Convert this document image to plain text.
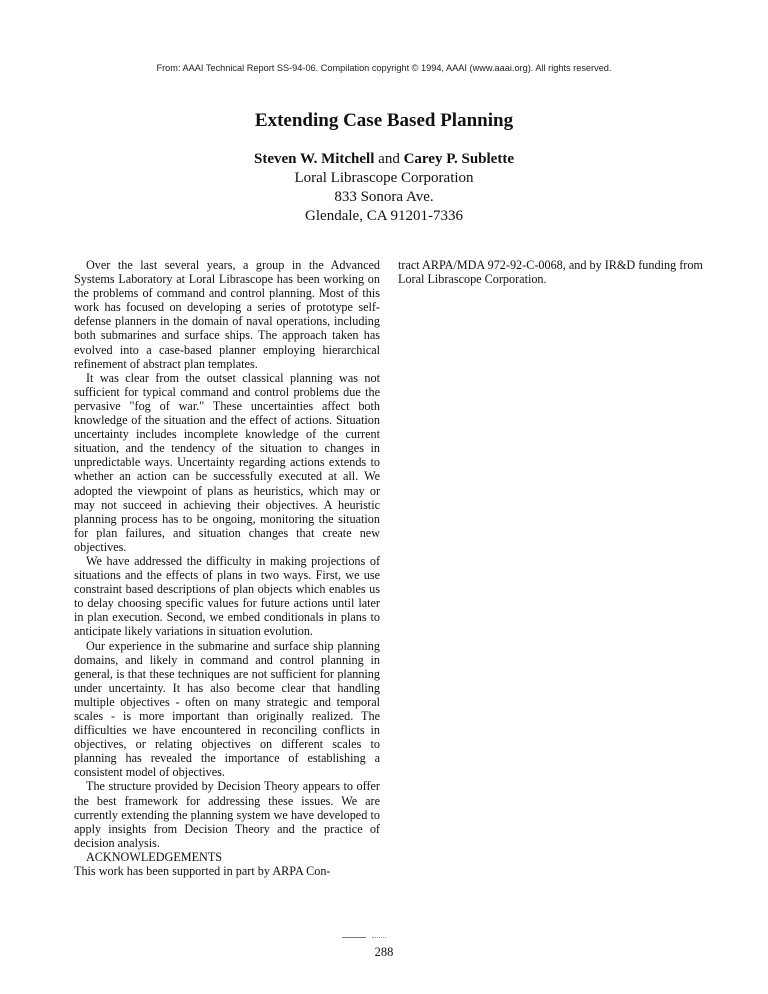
From: AAAI Technical Report SS-94-06. Compilation copyright © 1994, AAAI (www.aaai.org). All rights reserved.
Extending Case Based Planning
Steven W. Mitchell and Carey P. Sublette
Loral Librascope Corporation
833 Sonora Ave.
Glendale, CA 91201-7336

Over the last several years, a group in the Advanced Systems Laboratory at Loral Librascope has been working on the problems of command and control planning. Most of this work has focused on developing a series of prototype self-defense planners in the domain of naval operations, including both submarines and surface ships. The approach taken has evolved into a case-based planner employing hierarchical refinement of abstract plan templates.

It was clear from the outset classical planning was not sufficient for typical command and control problems due the pervasive "fog of war." These uncertainties affect both knowledge of the situation and the effect of actions. Situation uncertainty includes incomplete knowledge of the current situation, and the tendency of the situation to changes in unpredictable ways. Uncertainty regarding actions extends to whether an action can be successfully executed at all. We adopted the viewpoint of plans as heuristics, which may or may not succeed in achieving their objectives. A heuristic planning process has to be ongoing, monitoring the situation for plan failures, and situation changes that create new objectives.

We have addressed the difficulty in making projections of situations and the effects of plans in two ways. First, we use constraint based descriptions of plan objects which enables us to delay choosing specific values for future actions until later in plan execution. Second, we embed conditionals in plans to anticipate likely variations in situation evolution.

Our experience in the submarine and surface ship planning domains, and likely in command and control planning in general, is that these techniques are not sufficient for planning under uncertainty. It has also become clear that handling multiple objectives - often on many strategic and temporal scales - is more important than originally realized. The difficulties we have encountered in reconciling conflicts in objectives, or relating objectives on different scales to planning has revealed the importance of establishing a consistent model of objectives.

The structure provided by Decision Theory appears to offer the best framework for addressing these issues. We are currently extending the planning system we have developed to apply insights from Decision Theory and the practice of decision analysis.

ACKNOWLEDGEMENTS

This work has been supported in part by ARPA Con-

tract ARPA/MDA 972-92-C-0068, and by IR&D funding from Loral Librascope Corporation.

288
